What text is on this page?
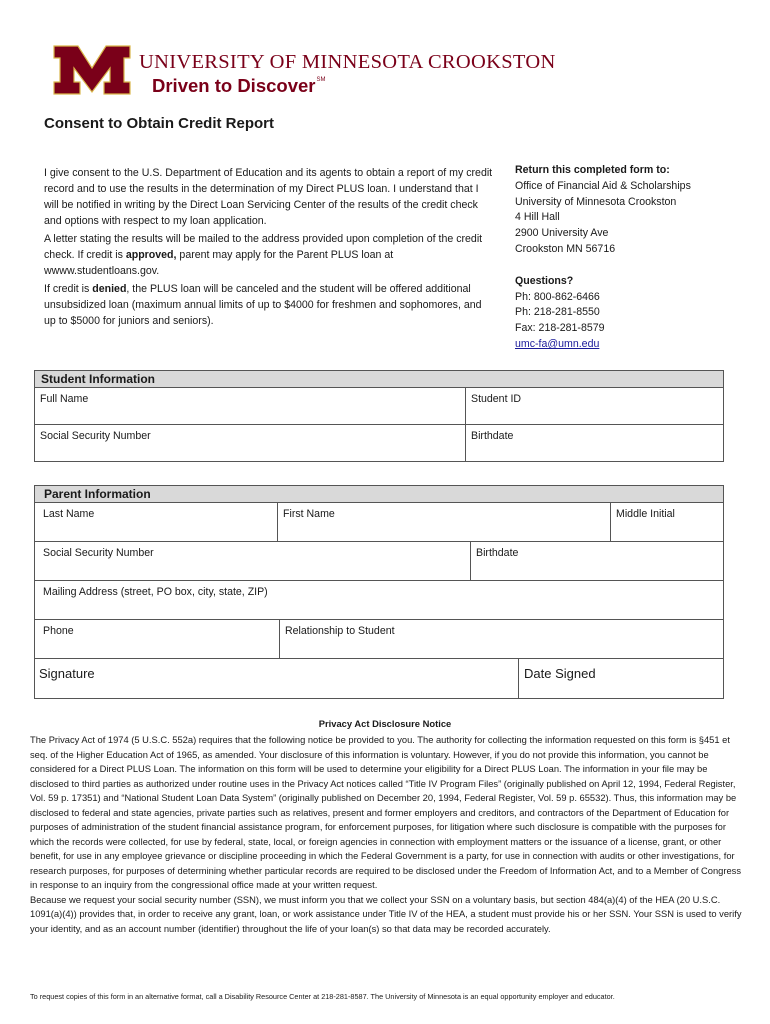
UNIVERSITY OF MINNESOTA CROOKSTON
Driven to Discover℠
Consent to Obtain Credit Report

I give consent to the U.S. Department of Education and its agents to obtain a report of my credit record and to use the results in the determination of my Direct PLUS loan. I understand that I will be notified in writing by the Direct Loan Servicing Center of the results of the credit check and options with respect to my loan application.

A letter stating the results will be mailed to the address provided upon completion of the credit check. If credit is approved, parent may apply for the Parent PLUS loan at wwww.studentloans.gov.

If credit is denied, the PLUS loan will be canceled and the student will be offered additional unsubsidized loan (maximum annual limits of up to $4000 for freshmen and sophomores, and up to $5000 for juniors and seniors).

Return this completed form to:
Office of Financial Aid & Scholarships
University of Minnesota Crookston
4 Hill Hall
2900 University Ave
Crookston MN 56716
Questions?
Ph: 800-862-6466
Ph: 218-281-8550
Fax: 218-281-8579
umc-fa@umn.edu
Student Information
Full Name	Student ID
Social Security Number	Birthdate
Parent Information
Last Name	First Name	Middle Initial
Social Security Number	Birthdate
Mailing Address (street, PO box, city, state, ZIP)
Phone	Relationship to Student
Signature	Date Signed
Privacy Act Disclosure Notice

The Privacy Act of 1974 (5 U.S.C. 552a) requires that the following notice be provided to you. The authority for collecting the information requested on this form is §451 et seq. of the Higher Education Act of 1965, as amended. Your disclosure of this information is voluntary. However, if you do not provide this information, you cannot be considered for a Direct PLUS Loan. The information on this form will be used to determine your eligibility for a Direct PLUS Loan. The information in your file may be disclosed to third parties as authorized under routine uses in the Privacy Act notices called “Title IV Program Files” (originally published on April 12, 1994, Federal Register, Vol. 59 p. 17351) and “National Student Loan Data System” (originally published on December 20, 1994, Federal Register, Vol. 59 p. 65532). Thus, this information may be disclosed to federal and state agencies, private parties such as relatives, present and former employers and creditors, and contractors of the Department of Education for purposes of administration of the student financial assistance program, for enforcement purposes, for litigation where such disclosure is compatible with the purposes for which the records were collected, for use by federal, state, local, or foreign agencies in connection with employment matters or the issuance of a license, grant, or other benefit, for use in any employee grievance or discipline proceeding in which the Federal Government is a party, for use in connection with audits or other investigations, for research purposes, for purposes of determining whether particular records are required to be disclosed under the Freedom of Information Act, and to a Member of Congress in response to an inquiry from the congressional office made at your written request.

Because we request your social security number (SSN), we must inform you that we collect your SSN on a voluntary basis, but section 484(a)(4) of the HEA (20 U.S.C. 1091(a)(4)) provides that, in order to receive any grant, loan, or work assistance under Title IV of the HEA, a student must provide his or her SSN. Your SSN is used to verify your identity, and as an account number (identifier) throughout the life of your loan(s) so that data may be recorded accurately.

To request copies of this form in an alternative format, call a Disability Resource Center at 218-281-8587. The University of Minnesota is an equal opportunity employer and educator.
